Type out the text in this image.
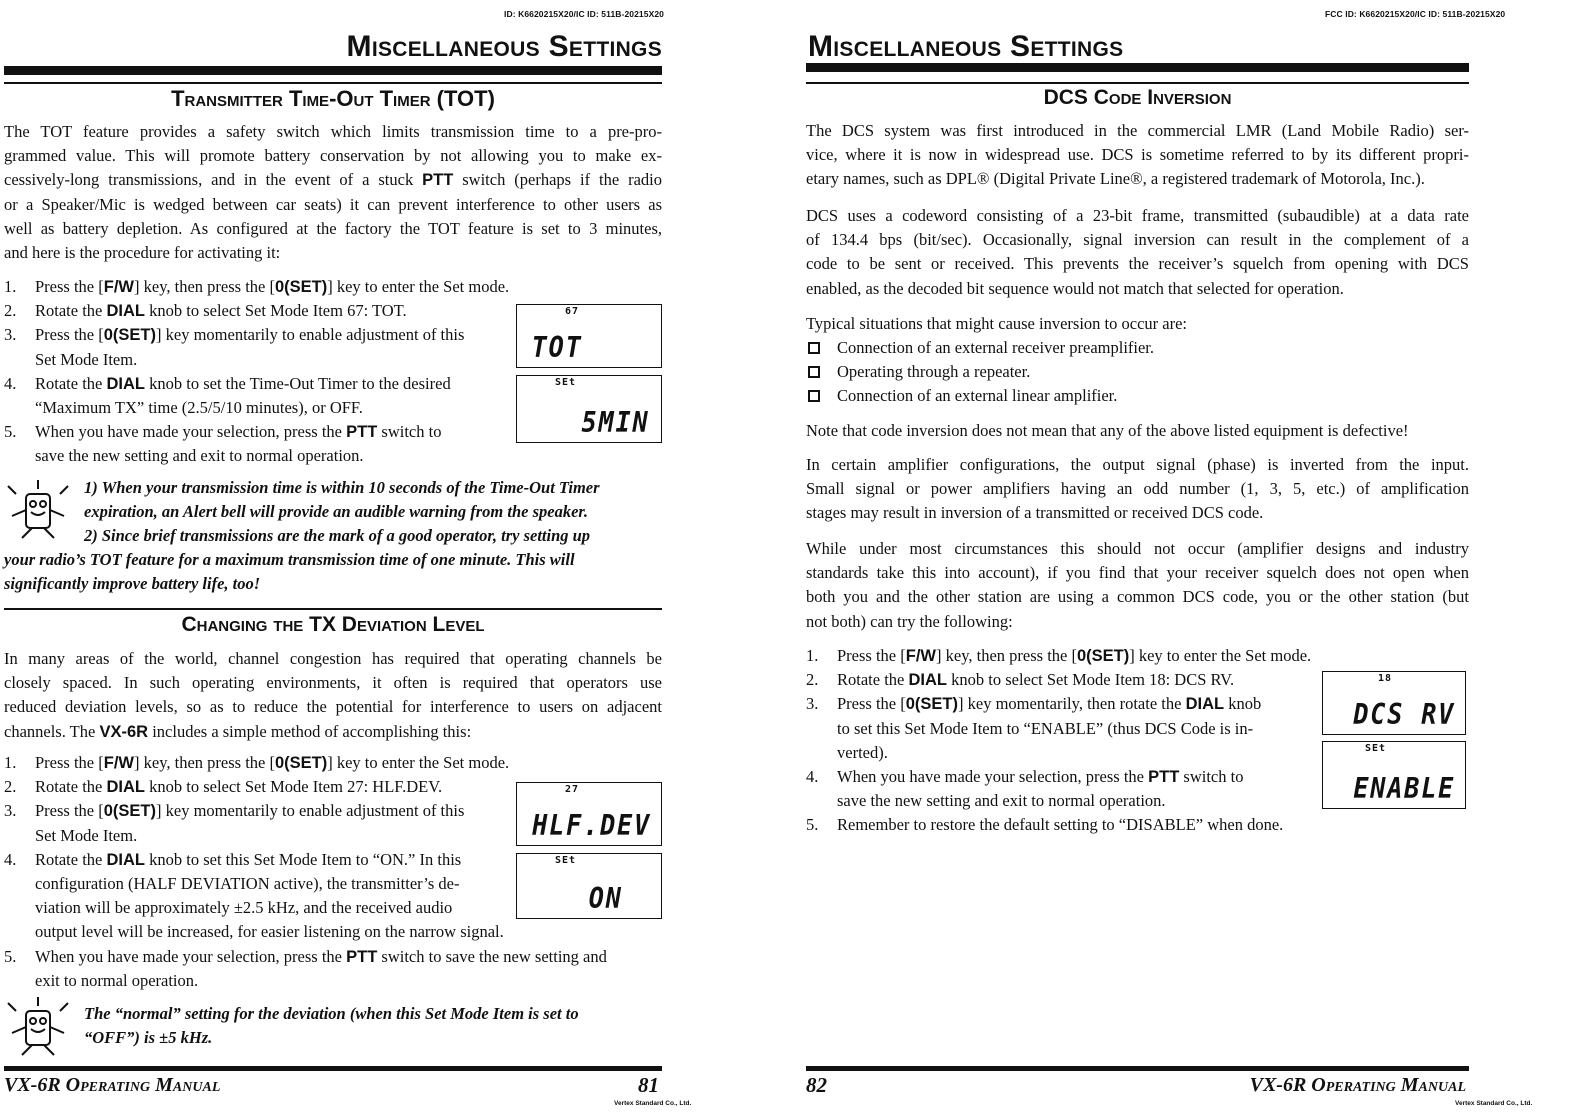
ID: K6620215X20/IC ID: 511B-20215X20
Miscellaneous Settings
Transmitter Time-Out Timer (TOT)
The TOT feature provides a safety switch which limits transmission time to a pre-pro-
grammed value. This will promote battery conservation by not allowing you to make ex-
cessively-long transmissions, and in the event of a stuck PTT switch (perhaps if the radio
or a Speaker/Mic is wedged between car seats) it can prevent interference to other users as
well as battery depletion. As configured at the factory the TOT feature is set to 3 minutes,
and here is the procedure for activating it:
1. Press the [F/W] key, then press the [0(SET)] key to enter the Set mode.
2. Rotate the DIAL knob to select Set Mode Item 67: TOT.
3. Press the [0(SET)] key momentarily to enable adjustment of this
Set Mode Item.
4. Rotate the DIAL knob to set the Time-Out Timer to the desired
“Maximum TX” time (2.5/5/10 minutes), or OFF.
5. When you have made your selection, press the PTT switch to
save the new setting and exit to normal operation.
67
TOT
SEt
5MIN
1) When your transmission time is within 10 seconds of the Time-Out Timer
expiration, an Alert bell will provide an audible warning from the speaker.
2) Since brief transmissions are the mark of a good operator, try setting up
your radio’s TOT feature for a maximum transmission time of one minute. This will
significantly improve battery life, too!
Changing the TX Deviation Level
In many areas of the world, channel congestion has required that operating channels be
closely spaced. In such operating environments, it often is required that operators use
reduced deviation levels, so as to reduce the potential for interference to users on adjacent
channels. The VX-6R includes a simple method of accomplishing this:
1. Press the [F/W] key, then press the [0(SET)] key to enter the Set mode.
2. Rotate the DIAL knob to select Set Mode Item 27: HLF.DEV.
3. Press the [0(SET)] key momentarily to enable adjustment of this
Set Mode Item.
4. Rotate the DIAL knob to set this Set Mode Item to “ON.” In this
configuration (HALF DEVIATION active), the transmitter’s de-
viation will be approximately ±2.5 kHz, and the received audio
output level will be increased, for easier listening on the narrow signal.
5. When you have made your selection, press the PTT switch to save the new setting and
exit to normal operation.
27
HLF.DEV
SEt
ON
The “normal” setting for the deviation (when this Set Mode Item is set to
“OFF”) is ±5 kHz.
VX-6R Operating Manual	81
Vertex Standard Co., Ltd.
FCC ID: K6620215X20/IC ID: 511B-20215X20
Miscellaneous Settings
DCS Code Inversion
The DCS system was first introduced in the commercial LMR (Land Mobile Radio) ser-
vice, where it is now in widespread use. DCS is sometime referred to by its different propri-
etary names, such as DPL® (Digital Private Line®, a registered trademark of Motorola, Inc.).
DCS uses a codeword consisting of a 23-bit frame, transmitted (subaudible) at a data rate
of 134.4 bps (bit/sec). Occasionally, signal inversion can result in the complement of a
code to be sent or received. This prevents the receiver’s squelch from opening with DCS
enabled, as the decoded bit sequence would not match that selected for operation.
Typical situations that might cause inversion to occur are:
Connection of an external receiver preamplifier.
Operating through a repeater.
Connection of an external linear amplifier.
Note that code inversion does not mean that any of the above listed equipment is defective!
In certain amplifier configurations, the output signal (phase) is inverted from the input.
Small signal or power amplifiers having an odd number (1, 3, 5, etc.) of amplification
stages may result in inversion of a transmitted or received DCS code.
While under most circumstances this should not occur (amplifier designs and industry
standards take this into account), if you find that your receiver squelch does not open when
both you and the other station are using a common DCS code, you or the other station (but
not both) can try the following:
1. Press the [F/W] key, then press the [0(SET)] key to enter the Set mode.
2. Rotate the DIAL knob to select Set Mode Item 18: DCS RV.
3. Press the [0(SET)] key momentarily, then rotate the DIAL knob
to set this Set Mode Item to “ENABLE” (thus DCS Code is in-
verted).
4. When you have made your selection, press the PTT switch to
save the new setting and exit to normal operation.
5. Remember to restore the default setting to “DISABLE” when done.
18
DCS RV
SEt
ENABLE
82	VX-6R Operating Manual
Vertex Standard Co., Ltd.
